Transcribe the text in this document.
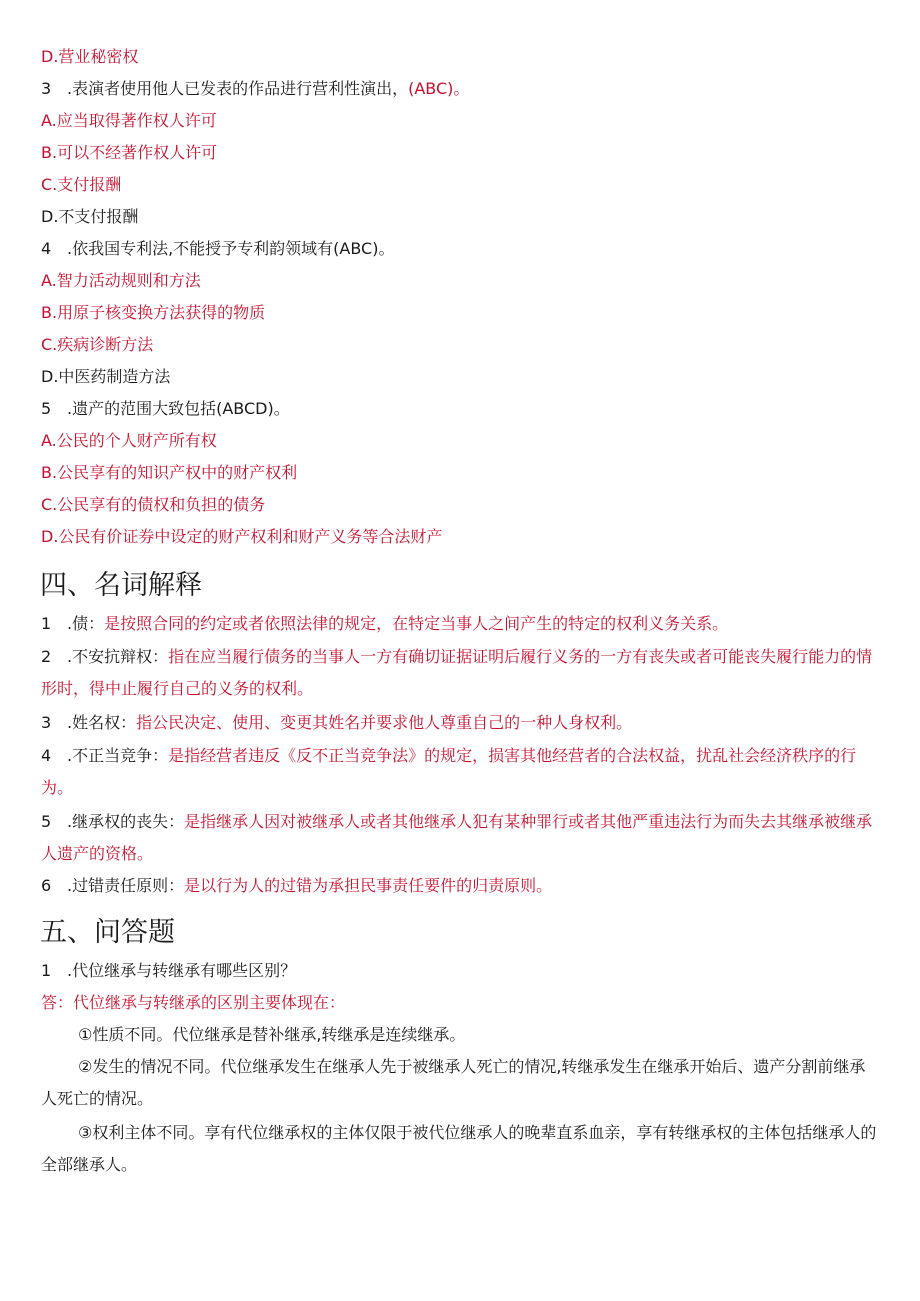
D.营业秘密权
3 .表演者使用他人已发表的作品进行营利性演出，(ABC)。
A.应当取得著作权人许可
B.可以不经著作权人许可
C.支付报酬
D.不支付报酬
4 .依我国专利法,不能授予专利韵领域有(ABC)。
A.智力活动规则和方法
B.用原子核变换方法获得的物质
C.疾病诊断方法
D.中医药制造方法
5 .遗产的范围大致包括(ABCD)。
A.公民的个人财产所有权
B.公民享有的知识产权中的财产权利
C.公民享有的债权和负担的债务
D.公民有价证券中设定的财产权利和财产义务等合法财产
四、名词解释
1 .债：是按照合同的约定或者依照法律的规定，在特定当事人之间产生的特定的权利义务关系。
2 .不安抗辩权：指在应当履行债务的当事人一方有确切证据证明后履行义务的一方有丧失或者可能丧失履行能力的情形时，得中止履行自己的义务的权利。
3 .姓名权：指公民决定、使用、变更其姓名并要求他人尊重自己的一种人身权利。
4 .不正当竞争：是指经营者违反《反不正当竞争法》的规定，损害其他经营者的合法权益，扰乱社会经济秩序的行为。
5 .继承权的丧失：是指继承人因对被继承人或者其他继承人犯有某种罪行或者其他严重违法行为而失去其继承被继承人遗产的资格。
6 .过错责任原则：是以行为人的过错为承担民事责任要件的归责原则。
五、问答题
1 .代位继承与转继承有哪些区别？
答：代位继承与转继承的区别主要体现在：
①性质不同。代位继承是替补继承,转继承是连续继承。
②发生的情况不同。代位继承发生在继承人先于被继承人死亡的情况,转继承发生在继承开始后、遗产分割前继承人死亡的情况。
③权利主体不同。享有代位继承权的主体仅限于被代位继承人的晚辈直系血亲，享有转继承权的主体包括继承人的全部继承人。
